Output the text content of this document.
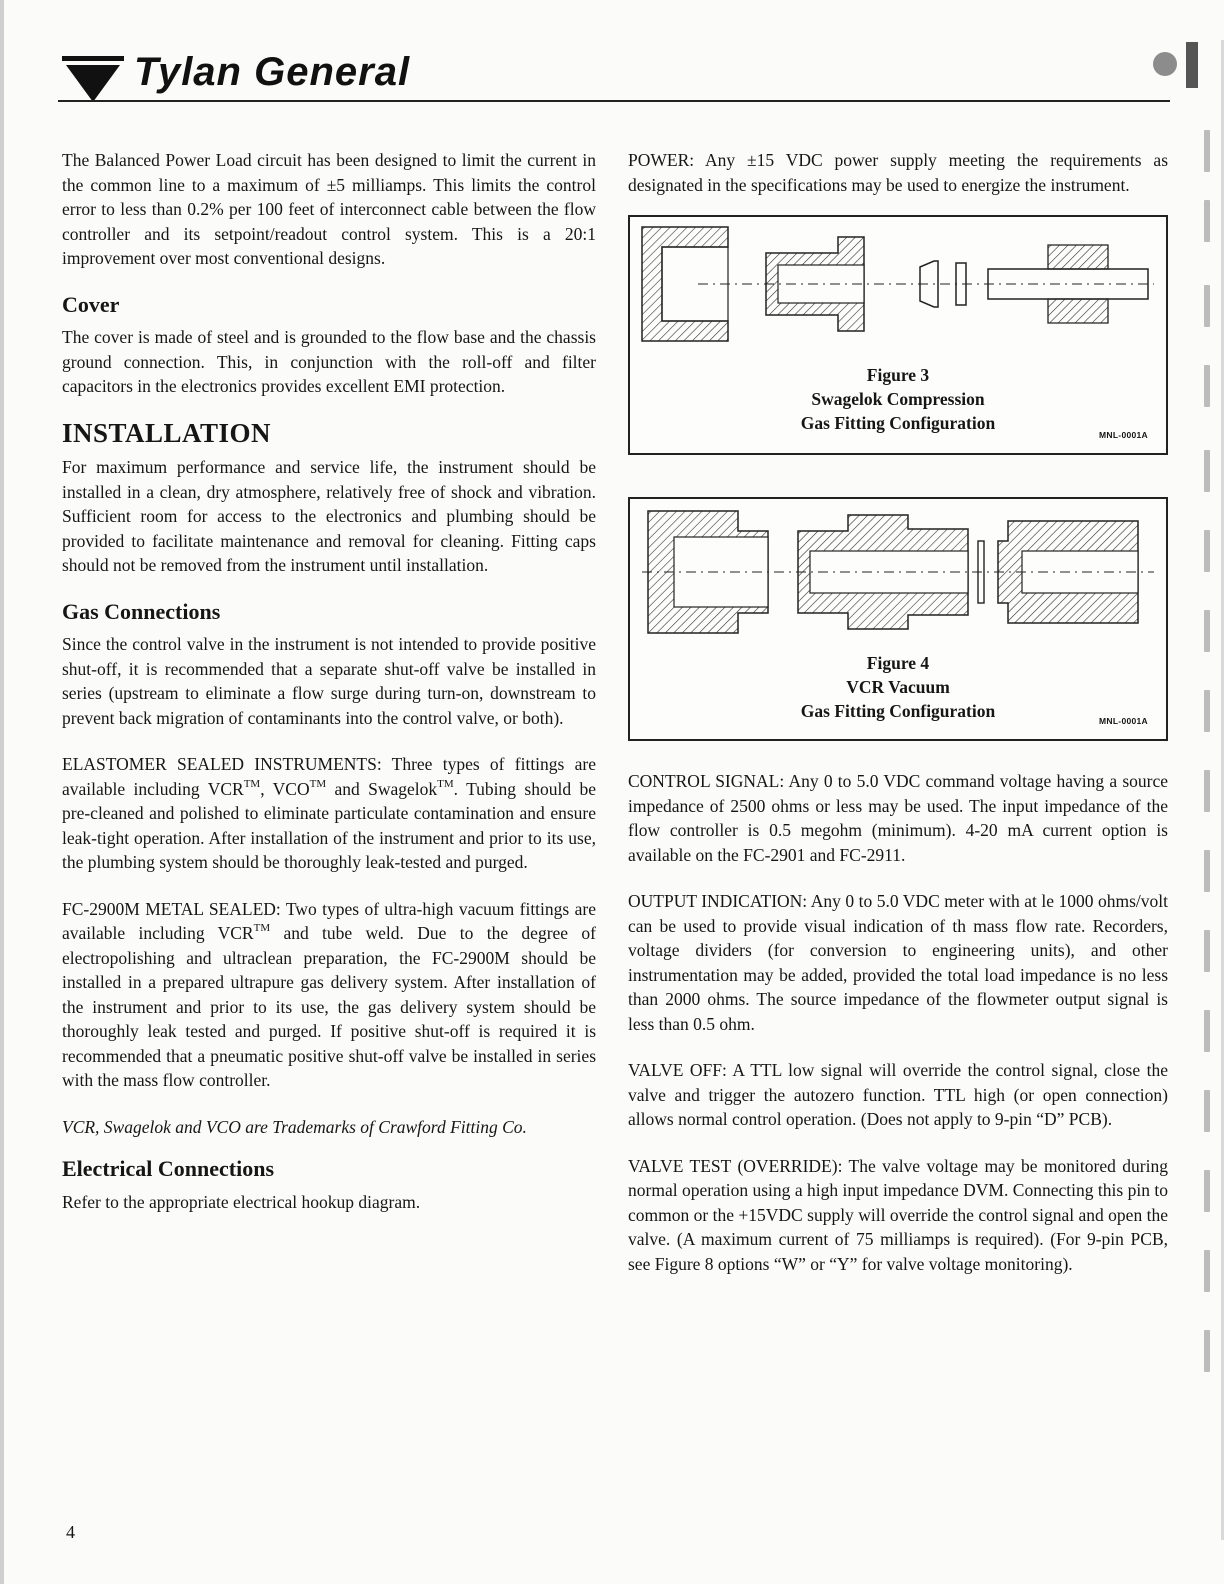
Tylan General

The Balanced Power Load circuit has been designed to limit the current in the common line to a maximum of ±5 milliamps. This limits the control error to less than 0.2% per 100 feet of interconnect cable between the flow controller and its setpoint/readout control system. This is a 20:1 improvement over most conventional designs.

Cover

The cover is made of steel and is grounded to the flow base and the chassis ground connection. This, in conjunction with the roll-off and filter capacitors in the electronics provides excellent EMI protection.

INSTALLATION

For maximum performance and service life, the instrument should be installed in a clean, dry atmosphere, relatively free of shock and vibration. Sufficient room for access to the electronics and plumbing should be provided to facilitate maintenance and removal for cleaning. Fitting caps should not be removed from the instrument until installation.

Gas Connections

Since the control valve in the instrument is not intended to provide positive shut-off, it is recommended that a separate shut-off valve be installed in series (upstream to eliminate a flow surge during turn-on, downstream to prevent back migration of contaminants into the control valve, or both).

ELASTOMER SEALED INSTRUMENTS: Three types of fittings are available including VCR™, VCO™ and Swagelok™. Tubing should be pre-cleaned and polished to eliminate particulate contamination and ensure leak-tight operation. After installation of the instrument and prior to its use, the plumbing system should be thoroughly leak-tested and purged.

FC-2900M METAL SEALED: Two types of ultra-high vacuum fittings are available including VCR™ and tube weld. Due to the degree of electropolishing and ultraclean preparation, the FC-2900M should be installed in a prepared ultrapure gas delivery system. After installation of the instrument and prior to its use, the gas delivery system should be thoroughly leak tested and purged. If positive shut-off is required it is recommended that a pneumatic positive shut-off valve be installed in series with the mass flow controller.

VCR, Swagelok and VCO are Trademarks of Crawford Fitting Co.

Electrical Connections

Refer to the appropriate electrical hookup diagram.

POWER: Any ±15 VDC power supply meeting the requirements as designated in the specifications may be used to energize the instrument.

Figure 3
Swagelok Compression
Gas Fitting Configuration
MNL-0001A
Figure 4
VCR Vacuum
Gas Fitting Configuration	MNL-0001A

CONTROL SIGNAL: Any 0 to 5.0 VDC command voltage having a source impedance of 2500 ohms or less may be used. The input impedance of the flow controller is 0.5 megohm (minimum). 4-20 mA current option is available on the FC-2901 and FC-2911.

OUTPUT INDICATION: Any 0 to 5.0 VDC meter with at le 1000 ohms/volt can be used to provide visual indication of th mass flow rate. Recorders, voltage dividers (for conversion to engineering units), and other instrumentation may be added, provided the total load impedance is no less than 2000 ohms. The source impedance of the flowmeter output signal is less than 0.5 ohm.

VALVE OFF: A TTL low signal will override the control signal, close the valve and trigger the autozero function. TTL high (or open connection) allows normal control operation. (Does not apply to 9-pin “D” PCB).

VALVE TEST (OVERRIDE): The valve voltage may be monitored during normal operation using a high input impedance DVM. Connecting this pin to common or the +15VDC supply will override the control signal and open the valve. (A maximum current of 75 milliamps is required). (For 9-pin PCB, see Figure 8 options “W” or “Y” for valve voltage monitoring).

4
